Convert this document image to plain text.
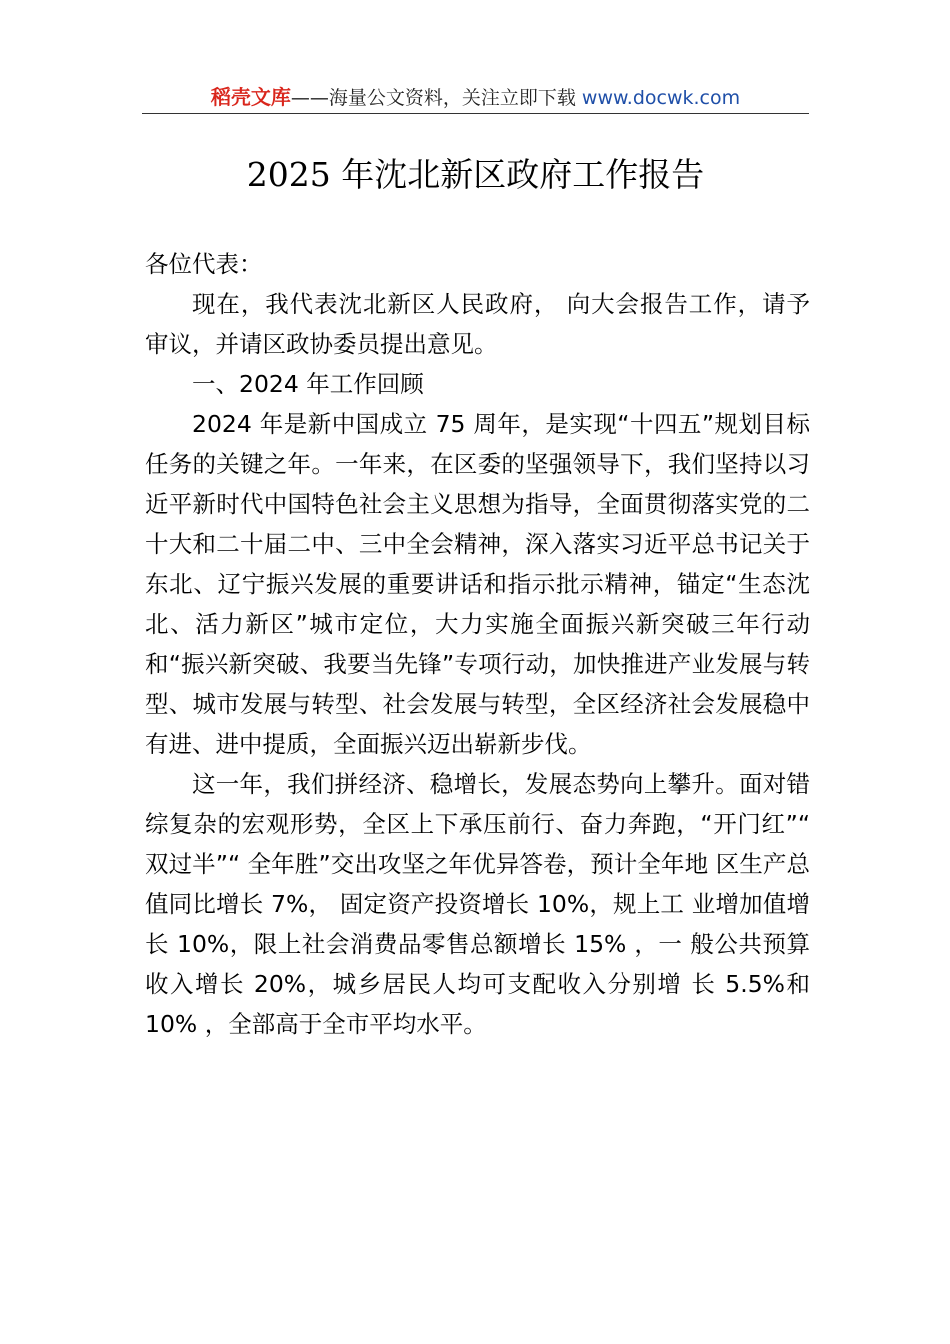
稻壳文库——海量公文资料，关注立即下载 www.docwk.com
2025 年沈北新区政府工作报告

各位代表：

现在，我代表沈北新区人民政府， 向大会报告工作，请予审议，并请区政协委员提出意见。

一、2024 年工作回顾

2024 年是新中国成立 75 周年，是实现“十四五”规划目标任务的关键之年。一年来，在区委的坚强领导下，我们坚持以习近平新时代中国特色社会主义思想为指导，全面贯彻落实党的二十大和二十届二中、三中全会精神，深入落实习近平总书记关于东北、辽宁振兴发展的重要讲话和指示批示精神，锚定“生态沈北、活力新区”城市定位，大力实施全面振兴新突破三年行动和“振兴新突破、我要当先锋”专项行动，加快推进产业发展与转型、城市发展与转型、社会发展与转型，全区经济社会发展稳中有进、进中提质，全面振兴迈出崭新步伐。

这一年，我们拼经济、稳增长，发展态势向上攀升。面对错综复杂的宏观形势，全区上下承压前行、奋力奔跑，“开门红”“ 双过半”“ 全年胜”交出攻坚之年优异答卷，预计全年地 区生产总值同比增长 7%， 固定资产投资增长 10%，规上工 业增加值增长 10%，限上社会消费品零售总额增长 15% ，一 般公共预算收入增长 20%，城乡居民人均可支配收入分别增 长 5.5%和 10% ，全部高于全市平均水平。
